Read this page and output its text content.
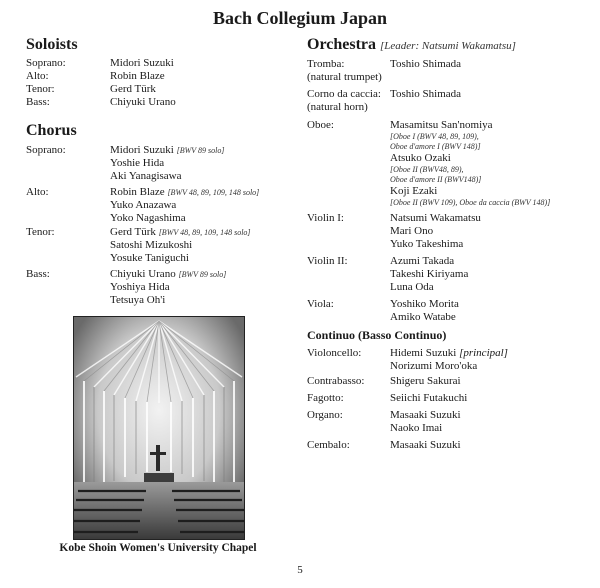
Bach Collegium Japan
Soloists
Soprano:	Midori Suzuki
Alto:	Robin Blaze
Tenor:	Gerd Türk
Bass:	Chiyuki Urano
Chorus
Soprano:	Midori Suzuki [BWV 89 solo]
Yoshie Hida
Aki Yanagisawa
Alto:	Robin Blaze [BWV 48, 89, 109, 148 solo]
Yuko Anazawa
Yoko Nagashima
Tenor:	Gerd Türk [BWV 48, 89, 109, 148 solo]
Satoshi Mizukoshi
Yosuke Taniguchi
Bass:	Chiyuki Urano [BWV 89 solo]
Yoshiya Hida
Tetsuya Oh'i
Kobe Shoin Women's University Chapel
Orchestra [Leader: Natsumi Wakamatsu]
Tromba:
(natural trumpet)
Toshio Shimada
Corno da caccia:
(natural horn)
Toshio Shimada
Oboe:	Masamitsu San'nomiya
[Oboe I (BWV 48, 89, 109),
Oboe d'amore I (BWV 148)]
Atsuko Ozaki
[Oboe II (BWV48, 89),
Oboe d'amore II (BWV148)]
Koji Ezaki
[Oboe II (BWV 109), Oboe da caccia (BWV 148)]
Violin I:	Natsumi Wakamatsu
Mari Ono
Yuko Takeshima
Violin II:	Azumi Takada
Takeshi Kiriyama
Luna Oda
Viola:	Yoshiko Morita
Amiko Watabe
Continuo (Basso Continuo)
Violoncello:	Hidemi Suzuki [principal]
Norizumi Moro'oka
Contrabasso: Shigeru Sakurai
Fagotto:	Seiichi Futakuchi
Organo:	Masaaki Suzuki
Naoko Imai
Cembalo:	Masaaki Suzuki
5
